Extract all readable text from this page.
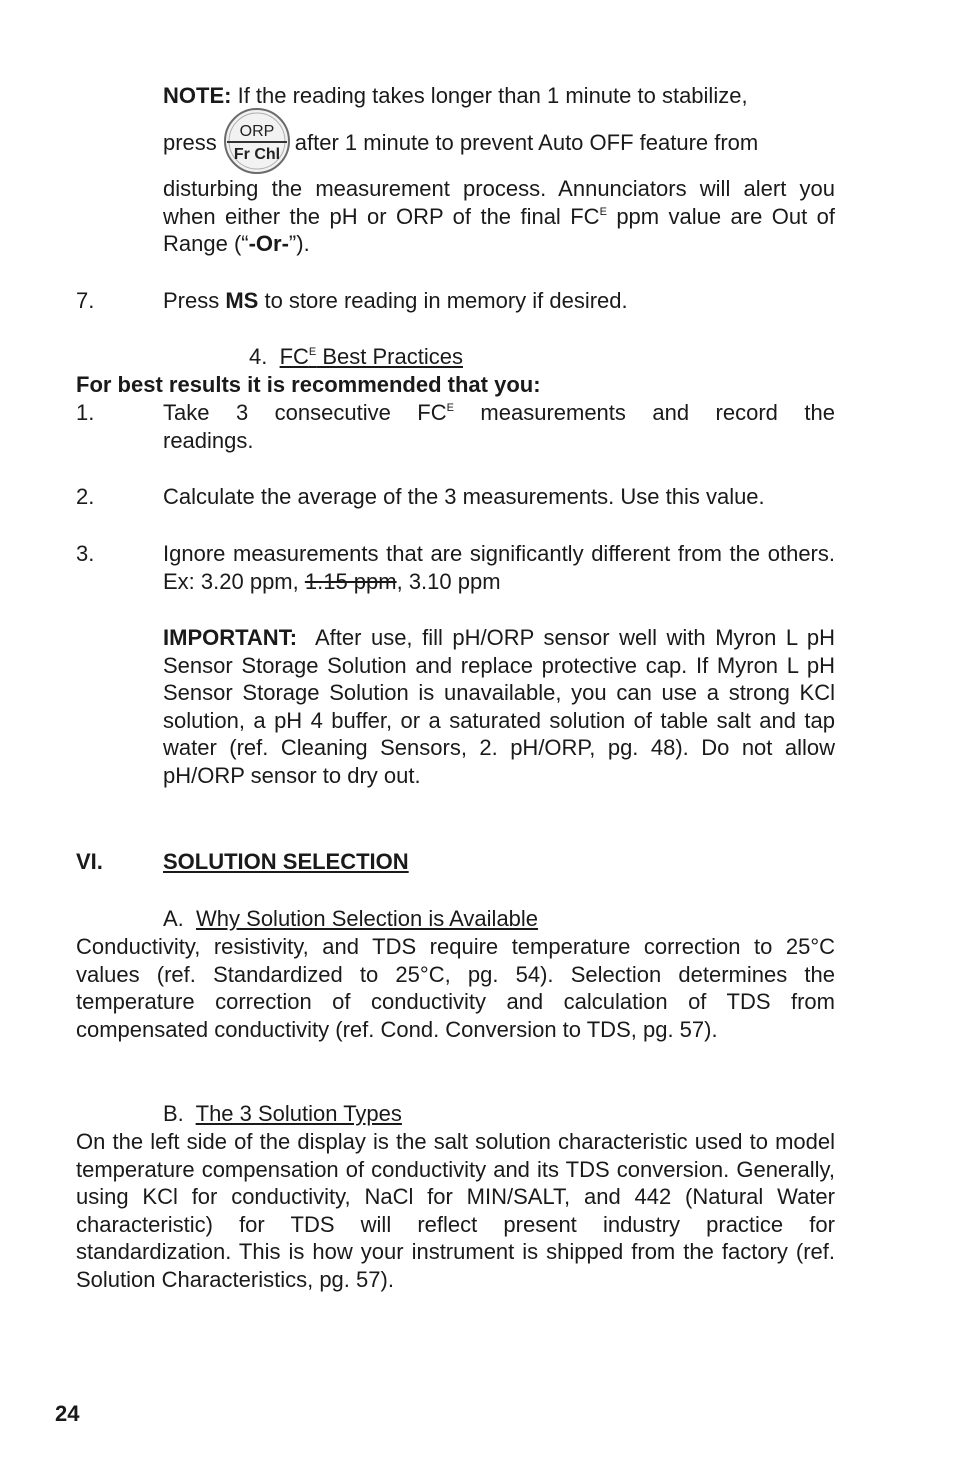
NOTE: If the reading takes longer than 1 minute to stabilize,
press ORP
Fr Chl after 1 minute to prevent Auto OFF feature from
disturbing the measurement process. Annunciators will alert you when either the pH or ORP of the final $FC^E$ ppm value are Out of Range (“-Or-”).
7.	Press MS to store reading in memory if desired.
4. $FC^E$ Best Practices
For best results it is recommended that you:
1.	Take 3 consecutive $FC^E$ measurements and record the
readings.
2.	Calculate the average of the 3 measurements. Use this value.
3.	Ignore measurements that are significantly different from the others. Ex: 3.20 ppm, 1.15 ppm, 3.10 ppm
IMPORTANT: After use, fill pH/ORP sensor well with Myron L pH Sensor Storage Solution and replace protective cap. If Myron L pH Sensor Storage Solution is unavailable, you can use a strong KCl solution, a pH 4 buffer, or a saturated solution of table salt and tap water (ref. Cleaning Sensors, 2. pH/ORP, pg. 48). Do not allow pH/ORP sensor to dry out.
VI.	SOLUTION SELECTION
A. Why Solution Selection is Available
Conductivity, resistivity, and TDS require temperature correction to 25°C values (ref. Standardized to 25°C, pg. 54). Selection determines the temperature correction of conductivity and calculation of TDS from compensated conductivity (ref. Cond. Conversion to TDS, pg. 57).
B. The 3 Solution Types
On the left side of the display is the salt solution characteristic used to model temperature compensation of conductivity and its TDS conversion. Generally, using KCl for conductivity, NaCl for MIN/SALT, and 442 (Natural Water characteristic) for TDS will reflect present industry practice for standardization. This is how your instrument is shipped from the factory (ref. Solution Characteristics, pg. 57).
24
